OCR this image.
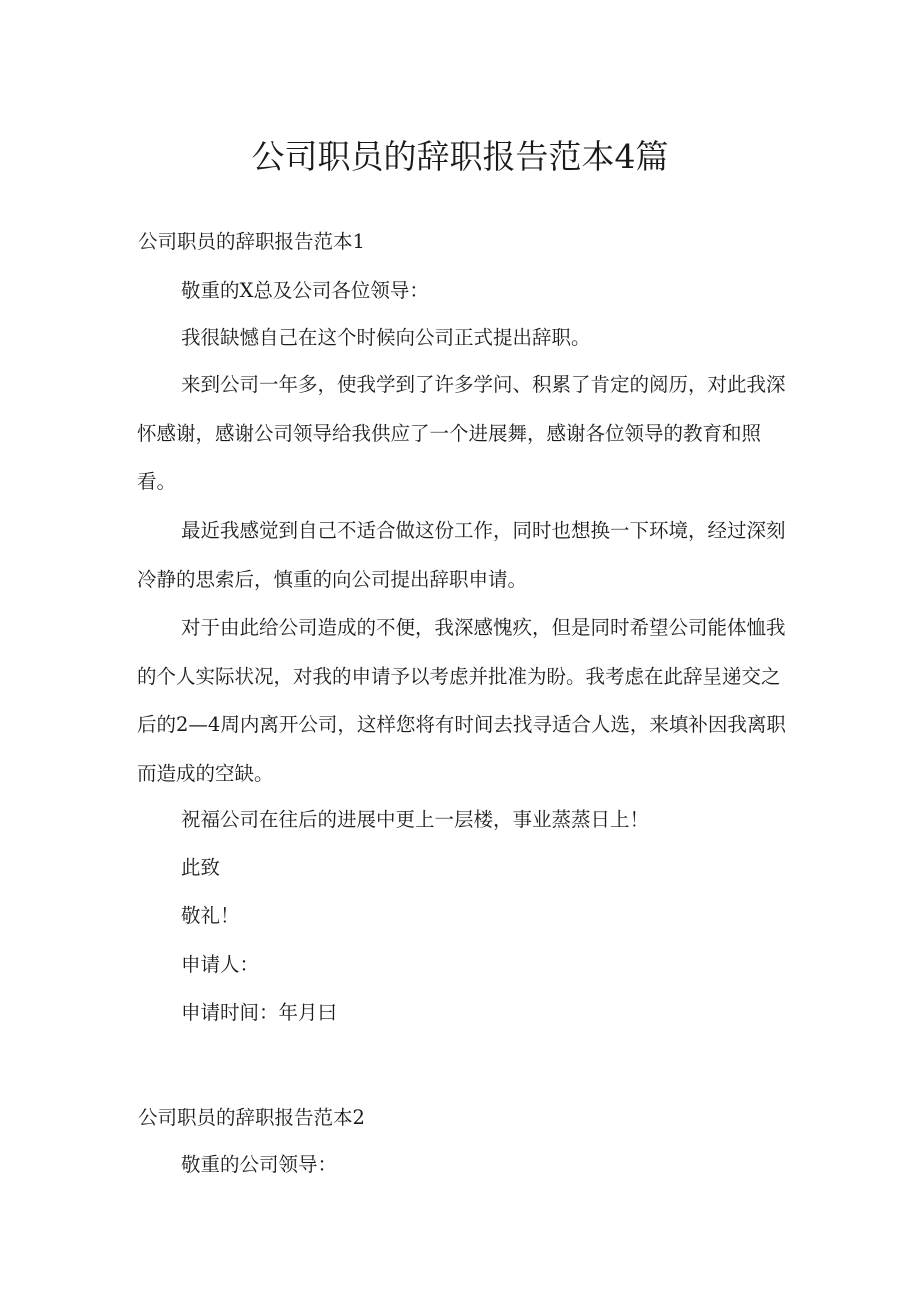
公司职员的辞职报告范本4篇
公司职员的辞职报告范本1
敬重的X总及公司各位领导：
我很缺憾自己在这个时候向公司正式提出辞职。
来到公司一年多，使我学到了许多学问、积累了肯定的阅历，对此我深怀感谢，感谢公司领导给我供应了一个进展舞，感谢各位领导的教育和照看。
最近我感觉到自己不适合做这份工作，同时也想换一下环境，经过深刻冷静的思索后，慎重的向公司提出辞职申请。
对于由此给公司造成的不便，我深感愧疚，但是同时希望公司能体恤我的个人实际状况，对我的申请予以考虑并批准为盼。我考虑在此辞呈递交之后的2—4周内离开公司，这样您将有时间去找寻适合人选，来填补因我离职而造成的空缺。
祝福公司在往后的进展中更上一层楼，事业蒸蒸日上！
此致
敬礼！
申请人：
申请时间：年月曰
公司职员的辞职报告范本2
敬重的公司领导：
